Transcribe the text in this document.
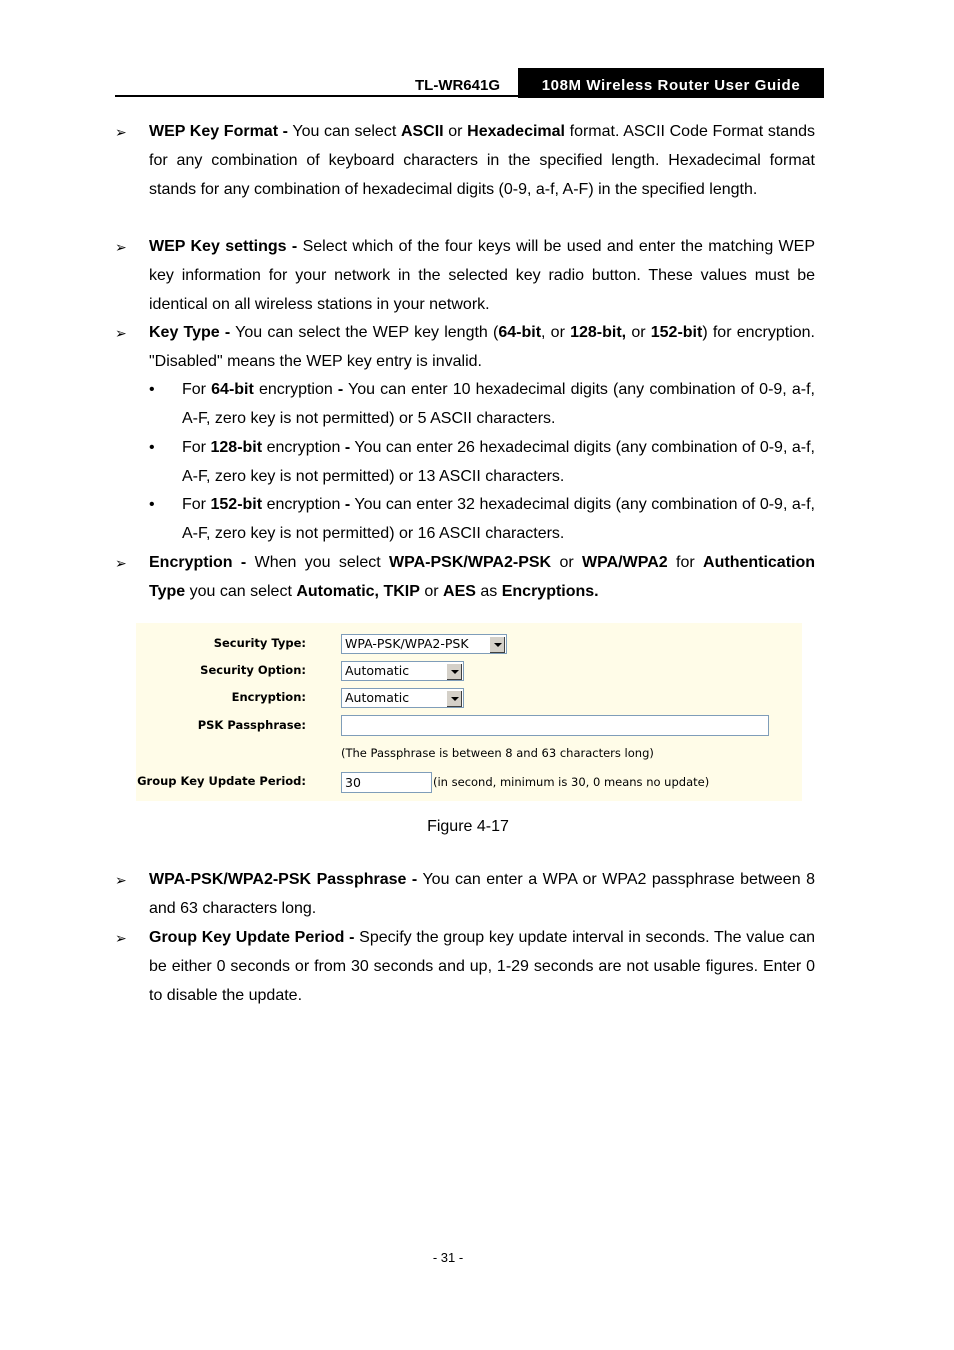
TL-WR641G	108M Wireless Router User Guide
➢ WEP Key Format - You can select ASCII or Hexadecimal format. ASCII Code Format stands for any combination of keyboard characters in the specified length. Hexadecimal format stands for any combination of hexadecimal digits (0-9, a-f, A-F) in the specified length.
➢ WEP Key settings - Select which of the four keys will be used and enter the matching WEP key information for your network in the selected key radio button. These values must be identical on all wireless stations in your network.
➢ Key Type - You can select the WEP key length (64-bit, or 128-bit, or 152-bit) for encryption. "Disabled" means the WEP key entry is invalid.
• For 64-bit encryption - You can enter 10 hexadecimal digits (any combination of 0-9, a-f, A-F, zero key is not permitted) or 5 ASCII characters.
• For 128-bit encryption - You can enter 26 hexadecimal digits (any combination of 0-9, a-f, A-F, zero key is not permitted) or 13 ASCII characters.
• For 152-bit encryption - You can enter 32 hexadecimal digits (any combination of 0-9, a-f, A-F, zero key is not permitted) or 16 ASCII characters.
➢ Encryption - When you select WPA-PSK/WPA2-PSK or WPA/WPA2 for Authentication Type you can select Automatic, TKIP or AES as Encryptions.
Security Type:	WPA-PSK/WPA2-PSK
Security Option:	Automatic
Encryption:	Automatic
PSK Passphrase:
(The Passphrase is between 8 and 63 characters long)
Group Key Update Period:	30	(in second, minimum is 30, 0 means no update)
Figure 4-17
➢ WPA-PSK/WPA2-PSK Passphrase - You can enter a WPA or WPA2 passphrase between 8 and 63 characters long.
➢ Group Key Update Period - Specify the group key update interval in seconds. The value can be either 0 seconds or from 30 seconds and up, 1-29 seconds are not usable figures. Enter 0 to disable the update.
- 31 -
